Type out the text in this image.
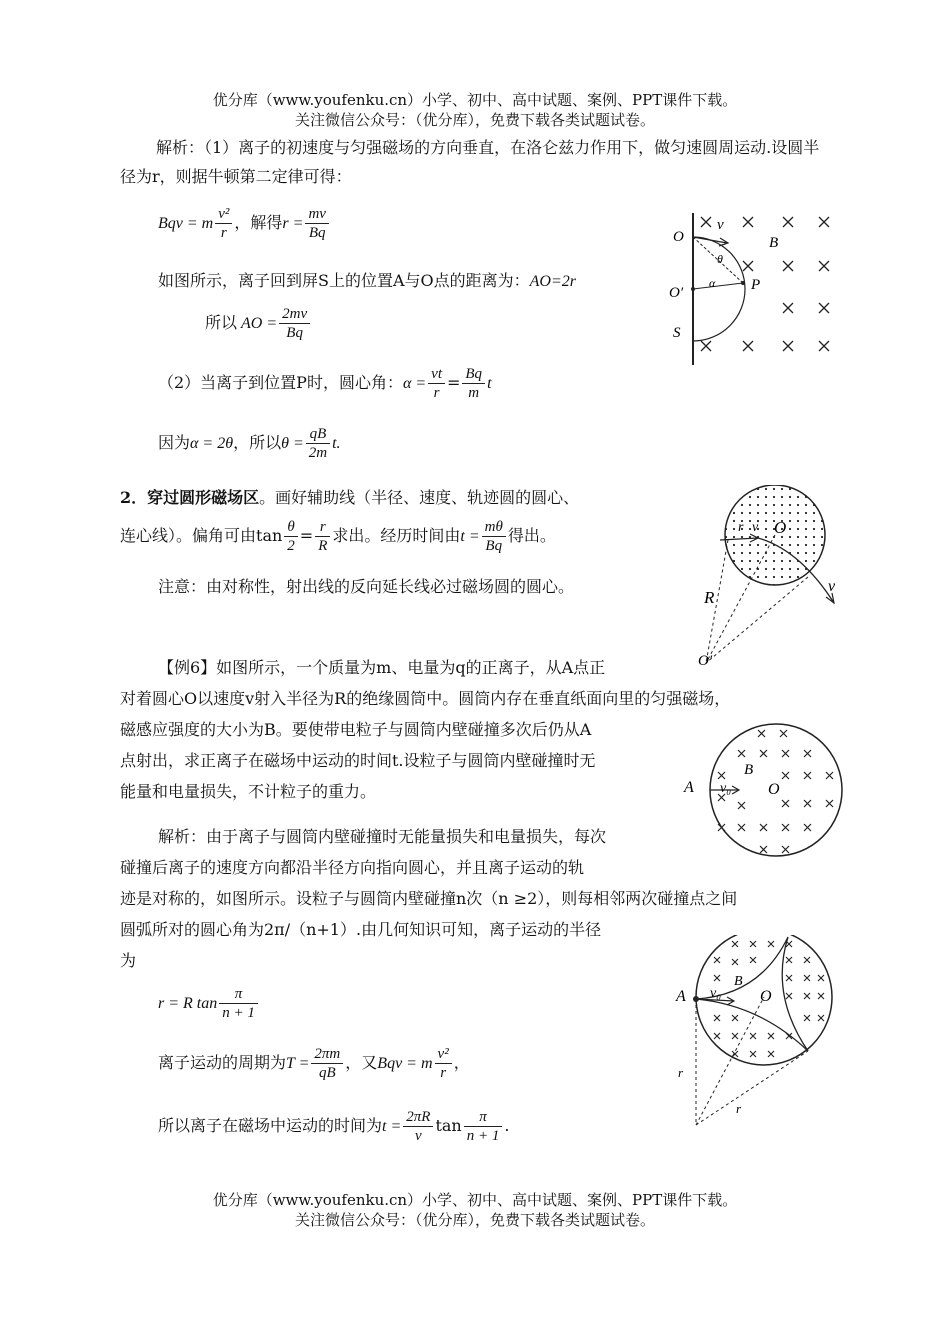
优分库（www.youfenku.cn）小学、初中、高中试题、案例、PPT课件下载。
关注微信公众号：（优分库），免费下载各类试题试卷。
解析：（1）离子的初速度与匀强磁场的方向垂直，在洛仑兹力作用下，做匀速圆周运动.设圆半径为r，则据牛顿第二定律可得：
Bqv = m $\frac{\text{v²}}{r}$ ，解得$r = \frac{mv}{Bq}$
如图所示，离子回到屏S上的位置A与O点的距离为：AO=2r
所以 AO = $\frac{2mv}{Bq}$
（2）当离子到位置P时，圆心角：$\alpha = \frac{vt}{r} = \frac{Bq}{m}$ t
因为α = 2θ，所以$\theta = \frac{qB}{2m} t$.
O
v
B
θ
α
O′	P
S
2．穿过圆形磁场区。画好辅助线（半径、速度、轨迹圆的圆心、
连心线）。偏角可由$\tan \frac{\theta}{2} = \frac{r}{R}$ 求出。经历时间由$t = \frac{m\theta}{Bq}$ 得出。
注意：由对称性，射出线的反向延长线必过磁场圆的圆心。
r v O
R
O′
v
【例6】如图所示，一个质量为m、电量为q的正离子，从A点正
对着圆心O以速度v射入半径为R的绝缘圆筒中。圆筒内存在垂直纸面向里的匀强磁场，
磁感应强度的大小为B。要使带电粒子与圆筒内壁碰撞多次后仍从A
点射出，求正离子在磁场中运动的时间t.设粒子与圆筒内壁碰撞时无
能量和电量损失，不计粒子的重力。	A v₀
B
O
解析：由于离子与圆筒内壁碰撞时无能量损失和电量损失，每次
碰撞后离子的速度方向都沿半径方向指向圆心，并且离子运动的轨
迹是对称的，如图所示。设粒子与圆筒内壁碰撞n次（n ≥2），则每相邻两次碰撞点之间
圆弧所对的圆心角为2π/（n+1）.由几何知识可知，离子运动的半径
为
r = R $\tan \frac{\pi}{n + 1}$
离子运动的周期为$T = \frac{2\pi m}{qB}$ ，又Bqv = m $\frac{\text{v²}}{r}$ ，
所以离子在磁场中运动的时间为$t = \frac{2\pi R}{v}$ $\tan \frac{\pi}{n + 1}$ .
A v₀
B
O
r
r
优分库（www.youfenku.cn）小学、初中、高中试题、案例、PPT课件下载。
关注微信公众号：（优分库），免费下载各类试题试卷。
